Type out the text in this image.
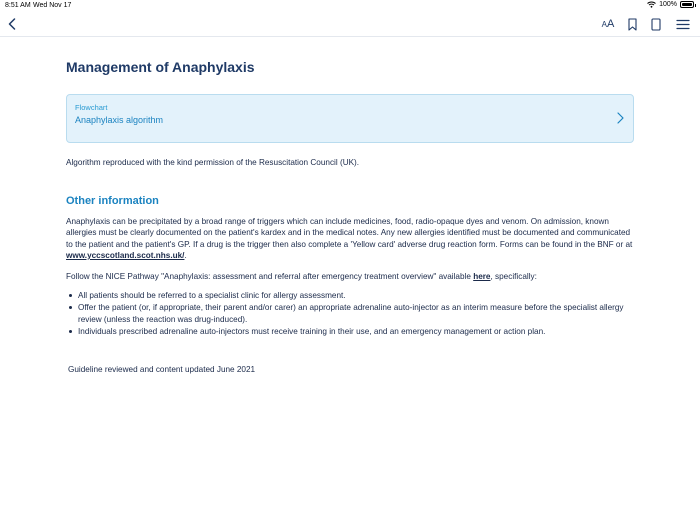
8:51 AM Wed Nov 17	100%
A A
Management of Anaphylaxis
Flowchart
Anaphylaxis algorithm

Algorithm reproduced with the kind permission of the Resuscitation Council (UK).

Other information

Anaphylaxis can be precipitated by a broad range of triggers which can include medicines, food, radio-opaque dyes and venom. On admission, known allergies must be clearly documented on the patient's kardex and in the medical notes. Any new allergies identified must be documented and communicated to the patient and the patient's GP. If a drug is the trigger then also complete a 'Yellow card' adverse drug reaction form. Forms can be found in the BNF or at www.yccscotland.scot.nhs.uk/.

Follow the NICE Pathway "Anaphylaxis: assessment and referral after emergency treatment overview" available here, specifically:

All patients should be referred to a specialist clinic for allergy assessment.
Offer the patient (or, if appropriate, their parent and/or carer) an appropriate adrenaline auto-injector as an interim measure before the specialist allergy review (unless the reaction was drug-induced).
Individuals prescribed adrenaline auto-injectors must receive training in their use, and an emergency management or action plan.
Guideline reviewed and content updated June 2021
